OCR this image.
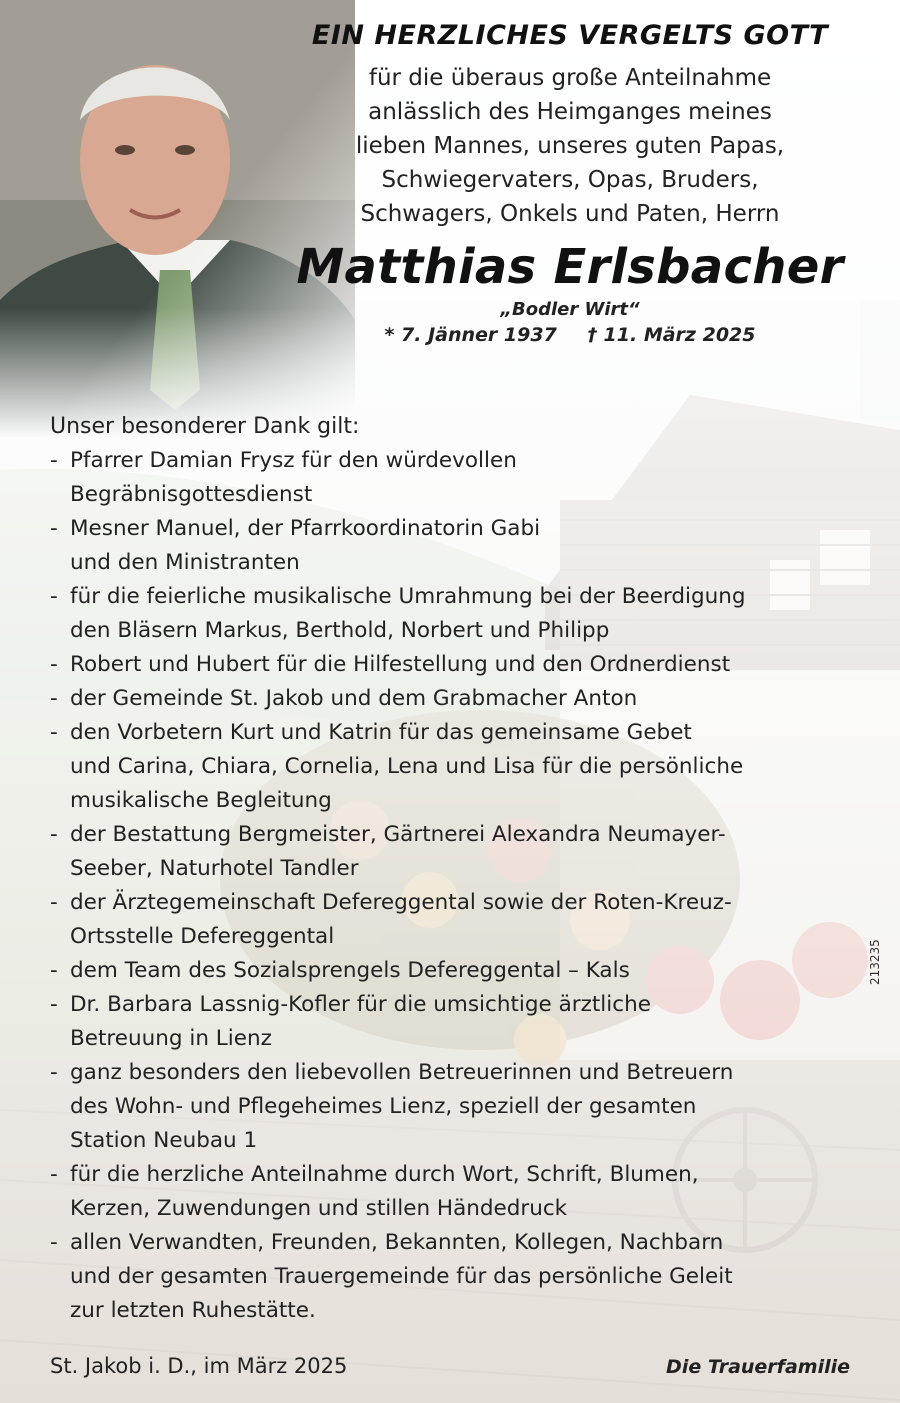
EIN HERZLICHES VERGELTS GOTT

für die überaus große Anteilnahme
anlässlich des Heimganges meines
lieben Mannes, unseres guten Papas,
Schwiegervaters, Opas, Bruders,
Schwagers, Onkels und Paten, Herrn

Matthias Erlsbacher

„Bodler Wirt“

* 7. Jänner 1937 † 11. März 2025

Unser besonderer Dank gilt:

- Pfarrer Damian Frysz für den würdevollen
Begräbnisgottesdienst
- Mesner Manuel, der Pfarrkoordinatorin Gabi
und den Ministranten
- für die feierliche musikalische Umrahmung bei der Beerdigung
den Bläsern Markus, Berthold, Norbert und Philipp
- Robert und Hubert für die Hilfestellung und den Ordnerdienst
- der Gemeinde St. Jakob und dem Grabmacher Anton
- den Vorbetern Kurt und Katrin für das gemeinsame Gebet
und Carina, Chiara, Cornelia, Lena und Lisa für die persönliche
musikalische Begleitung
- der Bestattung Bergmeister, Gärtnerei Alexandra Neumayer-
Seeber, Naturhotel Tandler
- der Ärztegemeinschaft Defereggental sowie der Roten-Kreuz-
Ortsstelle Defereggental
- dem Team des Sozialsprengels Defereggental – Kals
- Dr. Barbara Lassnig-Kofler für die umsichtige ärztliche
Betreuung in Lienz
- ganz besonders den liebevollen Betreuerinnen und Betreuern
des Wohn- und Pflegeheimes Lienz, speziell der gesamten
Station Neubau 1
- für die herzliche Anteilnahme durch Wort, Schrift, Blumen,
Kerzen, Zuwendungen und stillen Händedruck
- allen Verwandten, Freunden, Bekannten, Kollegen, Nachbarn
und der gesamten Trauergemeinde für das persönliche Geleit
zur letzten Ruhestätte.
St. Jakob i. D., im März 2025	Die Trauerfamilie
213235
